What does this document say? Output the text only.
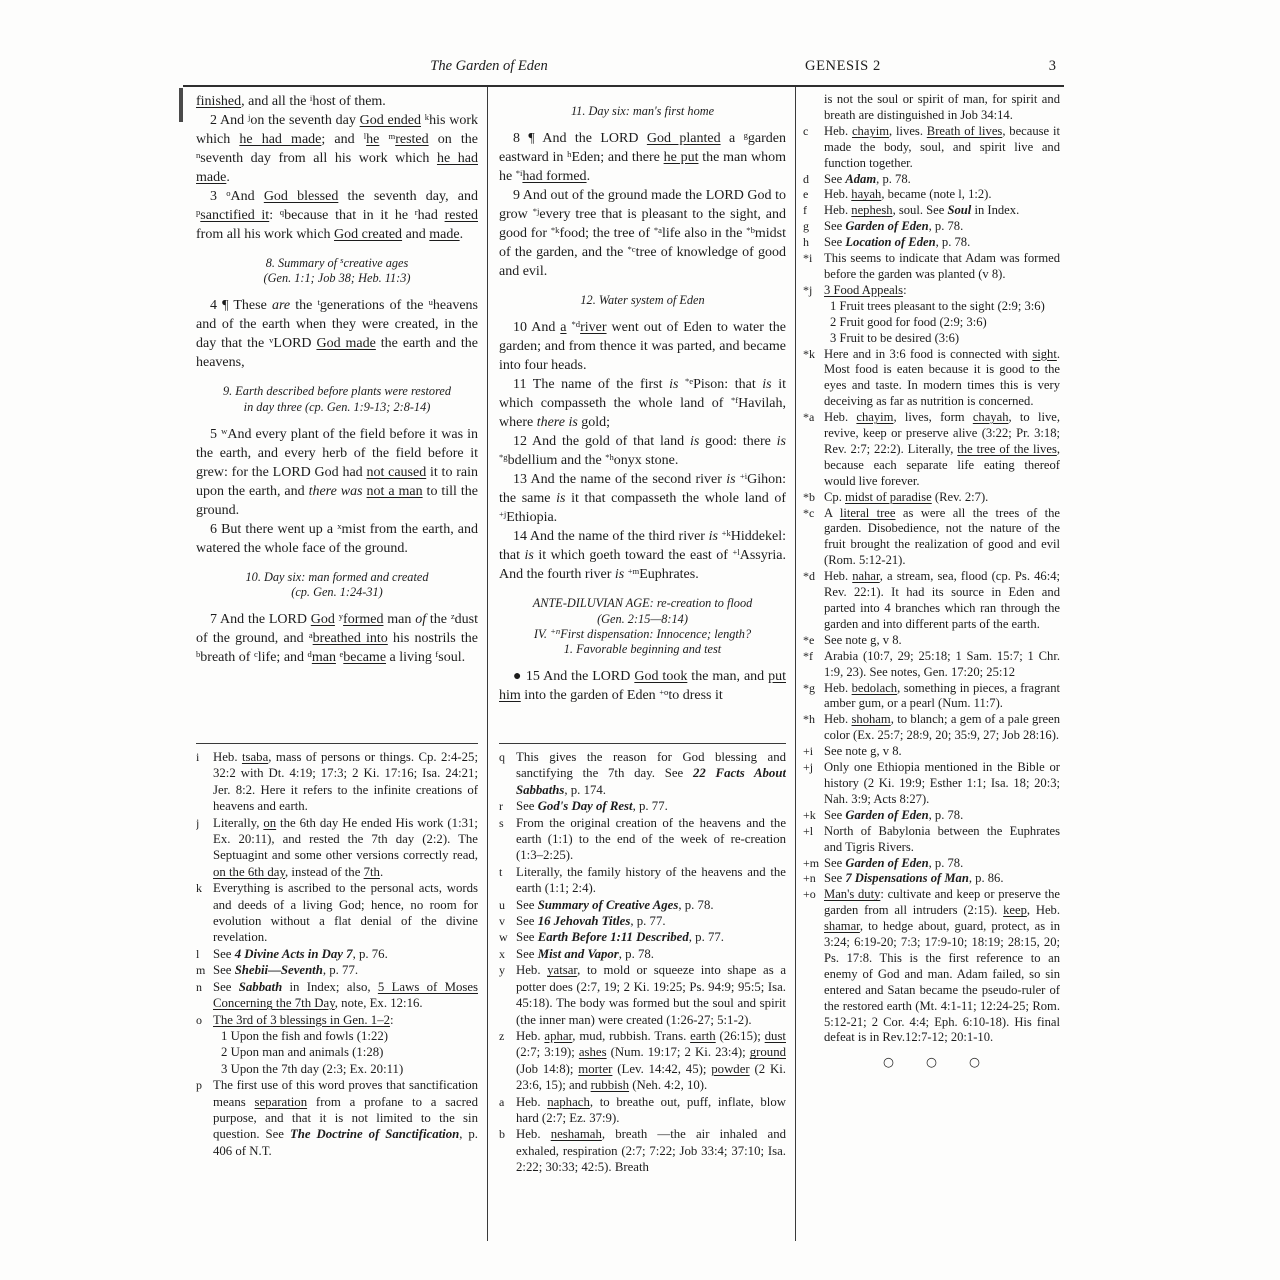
The Garden of Eden	GENESIS 2	3

finished, and all the $^i$host of them.

2 And $^j$on the seventh day God ended $^k$his work which he had made; and $^l$he $^m$rested on the $^n$seventh day from all his work which he had made.

3 $^o$And God blessed the seventh day, and $^p$sanctified it: $^q$because that in it he $^r$had rested from all his work which God created and made.

8. Summary of $^s$creative ages
(Gen. 1:1; Job 38; Heb. 11:3)

4 ¶ These are the $^t$generations of the $^u$heavens and of the earth when they were created, in the day that the $^v$LORD God made the earth and the heavens,

9. Earth described before plants were restored
in day three (cp. Gen. 1:9-13; 2:8-14)

5 $^w$And every plant of the field before it was in the earth, and every herb of the field before it grew: for the LORD God had not caused it to rain upon the earth, and there was not a man to till the ground.

6 But there went up a $^x$mist from the earth, and watered the whole face of the ground.

10. Day six: man formed and created
(cp. Gen. 1:24-31)

7 And the LORD God $^y$formed man of the $^z$dust of the ground, and $^a$breathed into his nostrils the $^b$breath of $^c$life; and $^d$man $^e$became a living $^f$soul.

i Heb. tsaba, mass of persons or things. Cp. 2:4-25; 32:2 with Dt. 4:19; 17:3; 2 Ki. 17:16; Isa. 24:21; Jer. 8:2. Here it refers to the infinite creations of heavens and earth.

j Literally, on the 6th day He ended His work (1:31; Ex. 20:11), and rested the 7th day (2:2). The Septuagint and some other versions correctly read, on the 6th day, instead of the 7th.

k Everything is ascribed to the personal acts, words and deeds of a living God; hence, no room for evolution without a flat denial of the divine revelation.

l See 4 Divine Acts in Day 7, p. 76.

m See Shebii—Seventh, p. 77.

n See Sabbath in Index; also, 5 Laws of Moses Concerning the 7th Day, note, Ex. 12:16.

o The 3rd of 3 blessings in Gen. 1–2:

1 Upon the fish and fowls (1:22)

2 Upon man and animals (1:28)

3 Upon the 7th day (2:3; Ex. 20:11)

p The first use of this word proves that sanctification means separation from a profane to a sacred purpose, and that it is not limited to the sin question. See The Doctrine of Sanctification, p. 406 of N.T.

11. Day six: man's first home

8 ¶ And the LORD God planted a $^g$garden eastward in $^h$Eden; and there he put the man whom he $^{*i}$had formed.

9 And out of the ground made the LORD God to grow $^{*j}$every tree that is pleasant to the sight, and good for $^{*k}$food; the tree of $^{*a}$life also in the $^{*b}$midst of the garden, and the $^{*c}$tree of knowledge of good and evil.

12. Water system of Eden

10 And a $^{*d}$river went out of Eden to water the garden; and from thence it was parted, and became into four heads.

11 The name of the first is $^{*e}$Pison: that is it which compasseth the whole land of $^{*f}$Havilah, where there is gold;

12 And the gold of that land is good: there is $^{*g}$bdellium and the $^{*h}$onyx stone.

13 And the name of the second river is $^{+i}$Gihon: the same is it that compasseth the whole land of $^{+j}$Ethiopia.

14 And the name of the third river is $^{+k}$Hiddekel: that is it which goeth toward the east of $^{+l}$Assyria. And the fourth river is $^{+m}$Euphrates.

ANTE-DILUVIAN AGE: re-creation to flood
(Gen. 2:15—8:14)
IV. $^{+n}$First dispensation: Innocence; length?
1. Favorable beginning and test

● 15 And the LORD God took the man, and put him into the garden of Eden $^{+o}$to dress it

q This gives the reason for God blessing and sanctifying the 7th day. See 22 Facts About Sabbaths, p. 174.

r See God's Day of Rest, p. 77.

s From the original creation of the heavens and the earth (1:1) to the end of the week of re-creation (1:3–2:25).

t Literally, the family history of the heavens and the earth (1:1; 2:4).

u See Summary of Creative Ages, p. 78.

v See 16 Jehovah Titles, p. 77.

w See Earth Before 1:11 Described, p. 77.

x See Mist and Vapor, p. 78.

y Heb. yatsar, to mold or squeeze into shape as a potter does (2:7, 19; 2 Ki. 19:25; Ps. 94:9; 95:5; Isa. 45:18). The body was formed but the soul and spirit (the inner man) were created (1:26-27; 5:1-2).

z Heb. aphar, mud, rubbish. Trans. earth (26:15); dust (2:7; 3:19); ashes (Num. 19:17; 2 Ki. 23:4); ground (Job 14:8); morter (Lev. 14:42, 45); powder (2 Ki. 23:6, 15); and rubbish (Neh. 4:2, 10).

a Heb. naphach, to breathe out, puff, inflate, blow hard (2:7; Ez. 37:9).

b Heb. neshamah, breath —the air inhaled and exhaled, respiration (2:7; 7:22; Job 33:4; 37:10; Isa. 2:22; 30:33; 42:5). Breath

is not the soul or spirit of man, for spirit and breath are distinguished in Job 34:14.

c Heb. chayim, lives. Breath of lives, because it made the body, soul, and spirit live and function together.

d See Adam, p. 78.

e Heb. hayah, became (note l, 1:2).

f Heb. nephesh, soul. See Soul in Index.

g See Garden of Eden, p. 78.

h See Location of Eden, p. 78.

*i This seems to indicate that Adam was formed before the garden was planted (v 8).

*j 3 Food Appeals:

1 Fruit trees pleasant to the sight (2:9; 3:6)

2 Fruit good for food (2:9; 3:6)

3 Fruit to be desired (3:6)

*k Here and in 3:6 food is connected with sight. Most food is eaten because it is good to the eyes and taste. In modern times this is very deceiving as far as nutrition is concerned.

*a Heb. chayim, lives, form chayah, to live, revive, keep or preserve alive (3:22; Pr. 3:18; Rev. 2:7; 22:2). Literally, the tree of the lives, because each separate life eating thereof would live forever.

*b Cp. midst of paradise (Rev. 2:7).

*c A literal tree as were all the trees of the garden. Disobedience, not the nature of the fruit brought the realization of good and evil (Rom. 5:12-21).

*d Heb. nahar, a stream, sea, flood (cp. Ps. 46:4; Rev. 22:1). It had its source in Eden and parted into 4 branches which ran through the garden and into different parts of the earth.

*e See note g, v 8.

*f Arabia (10:7, 29; 25:18; 1 Sam. 15:7; 1 Chr. 1:9, 23). See notes, Gen. 17:20; 25:12

*g Heb. bedolach, something in pieces, a fragrant amber gum, or a pearl (Num. 11:7).

*h Heb. shoham, to blanch; a gem of a pale green color (Ex. 25:7; 28:9, 20; 35:9, 27; Job 28:16).

+i See note g, v 8.

+j Only one Ethiopia mentioned in the Bible or history (2 Ki. 19:9; Esther 1:1; Isa. 18; 20:3; Nah. 3:9; Acts 8:27).

+k See Garden of Eden, p. 78.

+l North of Babylonia between the Euphrates and Tigris Rivers.

+m See Garden of Eden, p. 78.

+n See 7 Dispensations of Man, p. 86.

+o Man's duty: cultivate and keep or preserve the garden from all intruders (2:15). keep, Heb. shamar, to hedge about, guard, protect, as in 3:24; 6:19-20; 7:3; 17:9-10; 18:19; 28:15, 20; Ps. 17:8. This is the first reference to an enemy of God and man. Adam failed, so sin entered and Satan became the pseudo-ruler of the restored earth (Mt. 4:1-11; 12:24-25; Rom. 5:12-21; 2 Cor. 4:4; Eph. 6:10-18). His final defeat is in Rev.12:7-12; 20:1-10.

○ ○ ○
